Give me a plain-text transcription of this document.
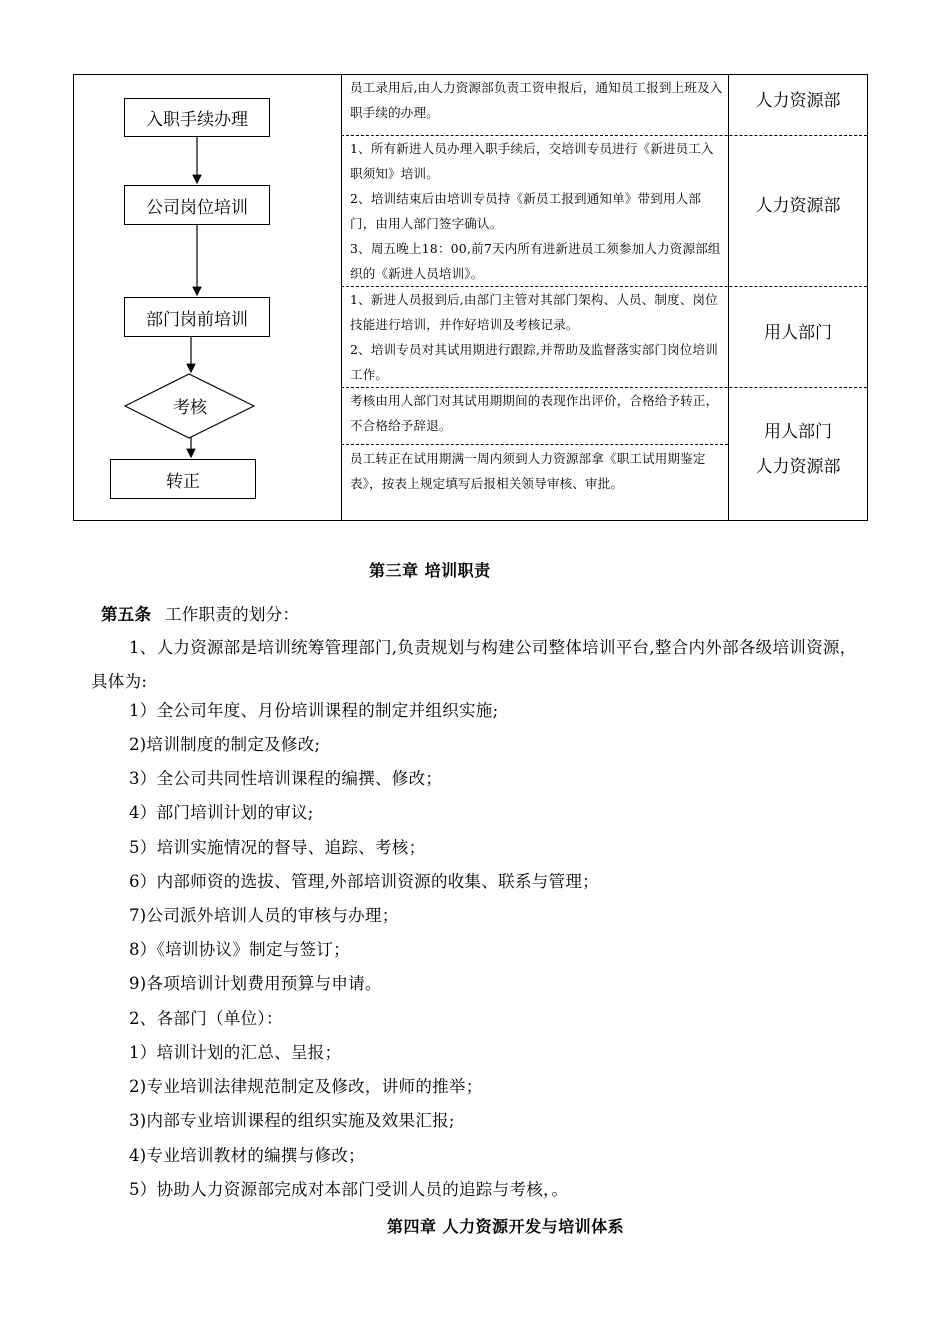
员工录用后,由人力资源部负责工资申报后，通知员工报到上班及入职手续的办理。
1、所有新进人员办理入职手续后，交培训专员进行《新进员工入职须知》培训。
2、培训结束后由培训专员持《新员工报到通知单》带到用人部门，由用人部门签字确认。
3、周五晚上18：00,前7天内所有进新进员工须参加人力资源部组织的《新进人员培训》。
1、新进人员报到后,由部门主管对其部门架构、人员、制度、岗位技能进行培训，并作好培训及考核记录。
2、培训专员对其试用期进行跟踪,并帮助及监督落实部门岗位培训工作。
考核由用人部门对其试用期期间的表现作出评价，合格给予转正，不合格给予辞退。
员工转正在试用期满一周内须到人力资源部拿《职工试用期鉴定表》，按表上规定填写后报相关领导审核、审批。
人力资源部
人力资源部
用人部门
用人部门
人力资源部
入职手续办理
公司岗位培训
部门岗前培训
考核
转正
第三章 培训职责
第五条 工作职责的划分：
1、人力资源部是培训统筹管理部门,负责规划与构建公司整体培训平台,整合内外部各级培训资源，具体为:
1）全公司年度、月份培训课程的制定并组织实施;
2)培训制度的制定及修改;
3）全公司共同性培训课程的编撰、修改；
4）部门培训计划的审议;
5）培训实施情况的督导、追踪、考核；
6）内部师资的选拔、管理,外部培训资源的收集、联系与管理；
7)公司派外培训人员的审核与办理；
8）《培训协议》制定与签订；
9)各项培训计划费用预算与申请。
2、各部门（单位）：
1）培训计划的汇总、呈报；
2)专业培训法律规范制定及修改，讲师的推举；
3)内部专业培训课程的组织实施及效果汇报;
4)专业培训教材的编撰与修改；
5）协助人力资源部完成对本部门受训人员的追踪与考核，。
第四章 人力资源开发与培训体系
